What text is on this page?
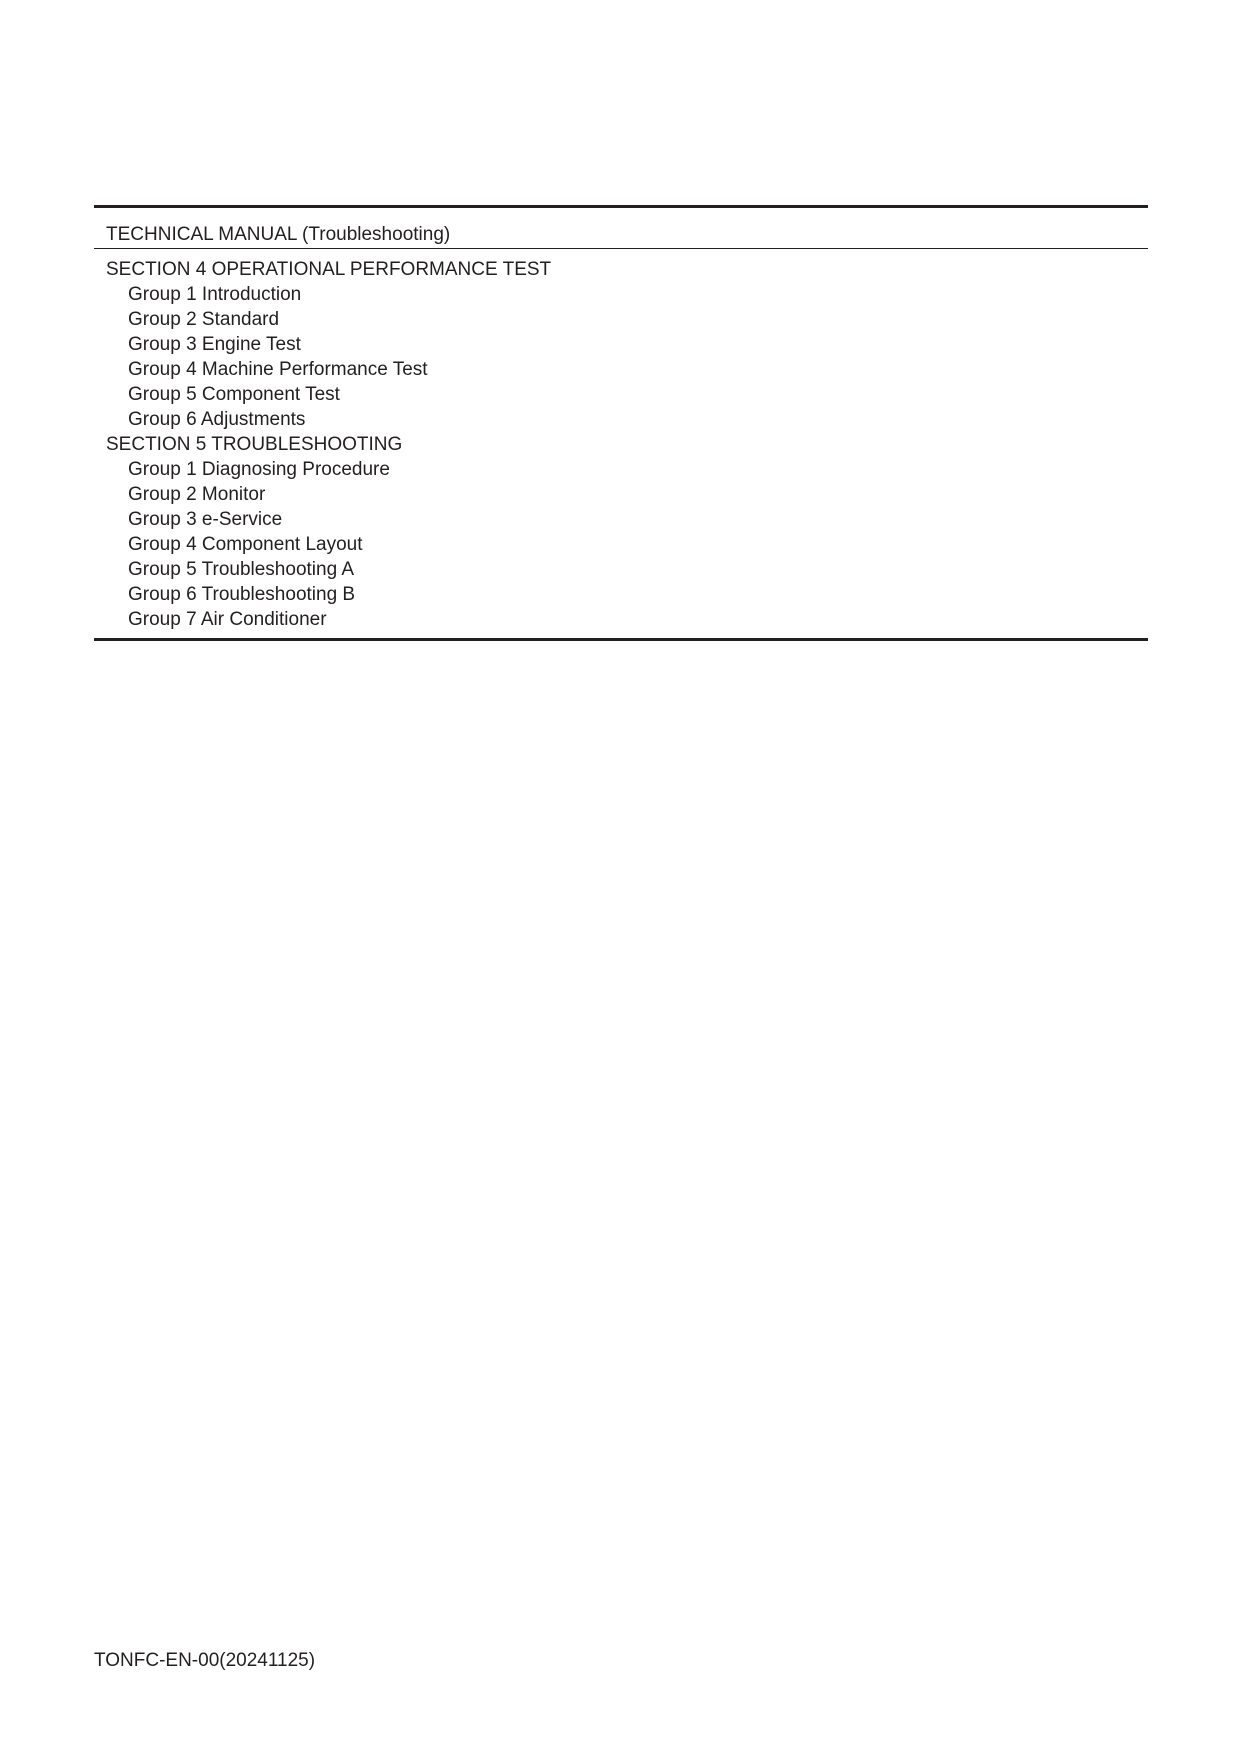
TECHNICAL MANUAL (Troubleshooting)
SECTION 4 OPERATIONAL PERFORMANCE TEST
Group 1 Introduction
Group 2 Standard
Group 3 Engine Test
Group 4 Machine Performance Test
Group 5 Component Test
Group 6 Adjustments
SECTION 5 TROUBLESHOOTING
Group 1 Diagnosing Procedure
Group 2 Monitor
Group 3 e-Service
Group 4 Component Layout
Group 5 Troubleshooting A
Group 6 Troubleshooting B
Group 7 Air Conditioner
TONFC-EN-00(20241125)
